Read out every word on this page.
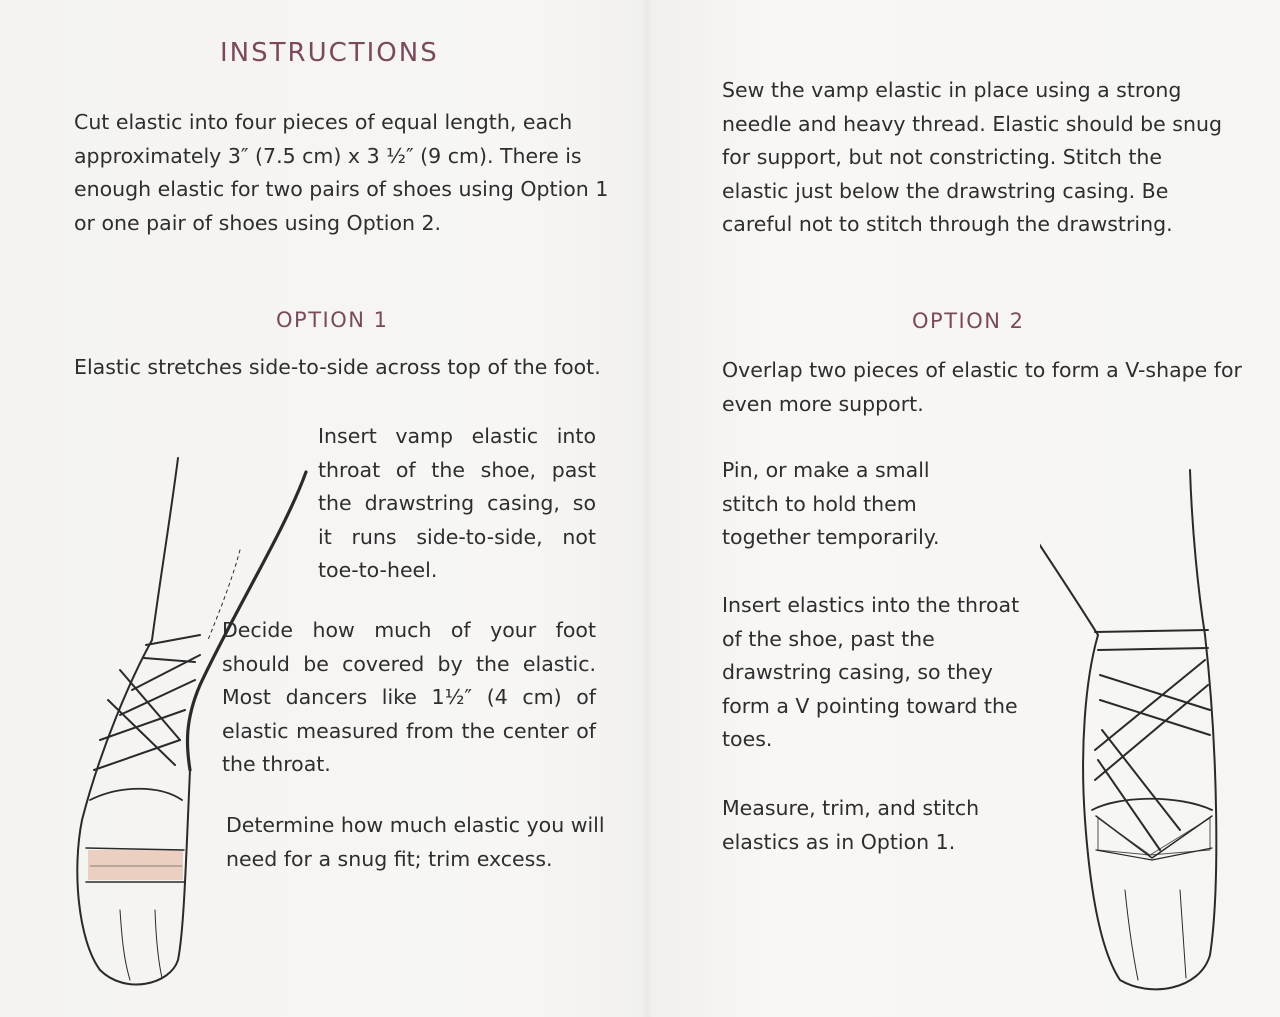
INSTRUCTIONS

Cut elastic into four pieces of equal length, each approximately 3″ (7.5 cm) x 3 ½″ (9 cm). There is enough elastic for two pairs of shoes using Option 1 or one pair of shoes using Option 2.

OPTION 1

Elastic stretches side-to-side across top of the foot.

Insert vamp elastic into throat of the shoe, past the drawstring casing, so it runs side-to-side, not toe-to-heel.

Decide how much of your foot should be covered by the elastic. Most dancers like 1½″ (4 cm) of elastic measured from the center of the throat.

Determine how much elastic you will need for a snug fit; trim excess.

Sew the vamp elastic in place using a strong needle and heavy thread. Elastic should be snug for support, but not constricting. Stitch the elastic just below the drawstring casing. Be careful not to stitch through the drawstring.

OPTION 2

Overlap two pieces of elastic to form a V-shape for even more support.

Pin, or make a small stitch to hold them together temporarily.

Insert elastics into the throat of the shoe, past the drawstring casing, so they form a V pointing toward the toes.

Measure, trim, and stitch elastics as in Option 1.
